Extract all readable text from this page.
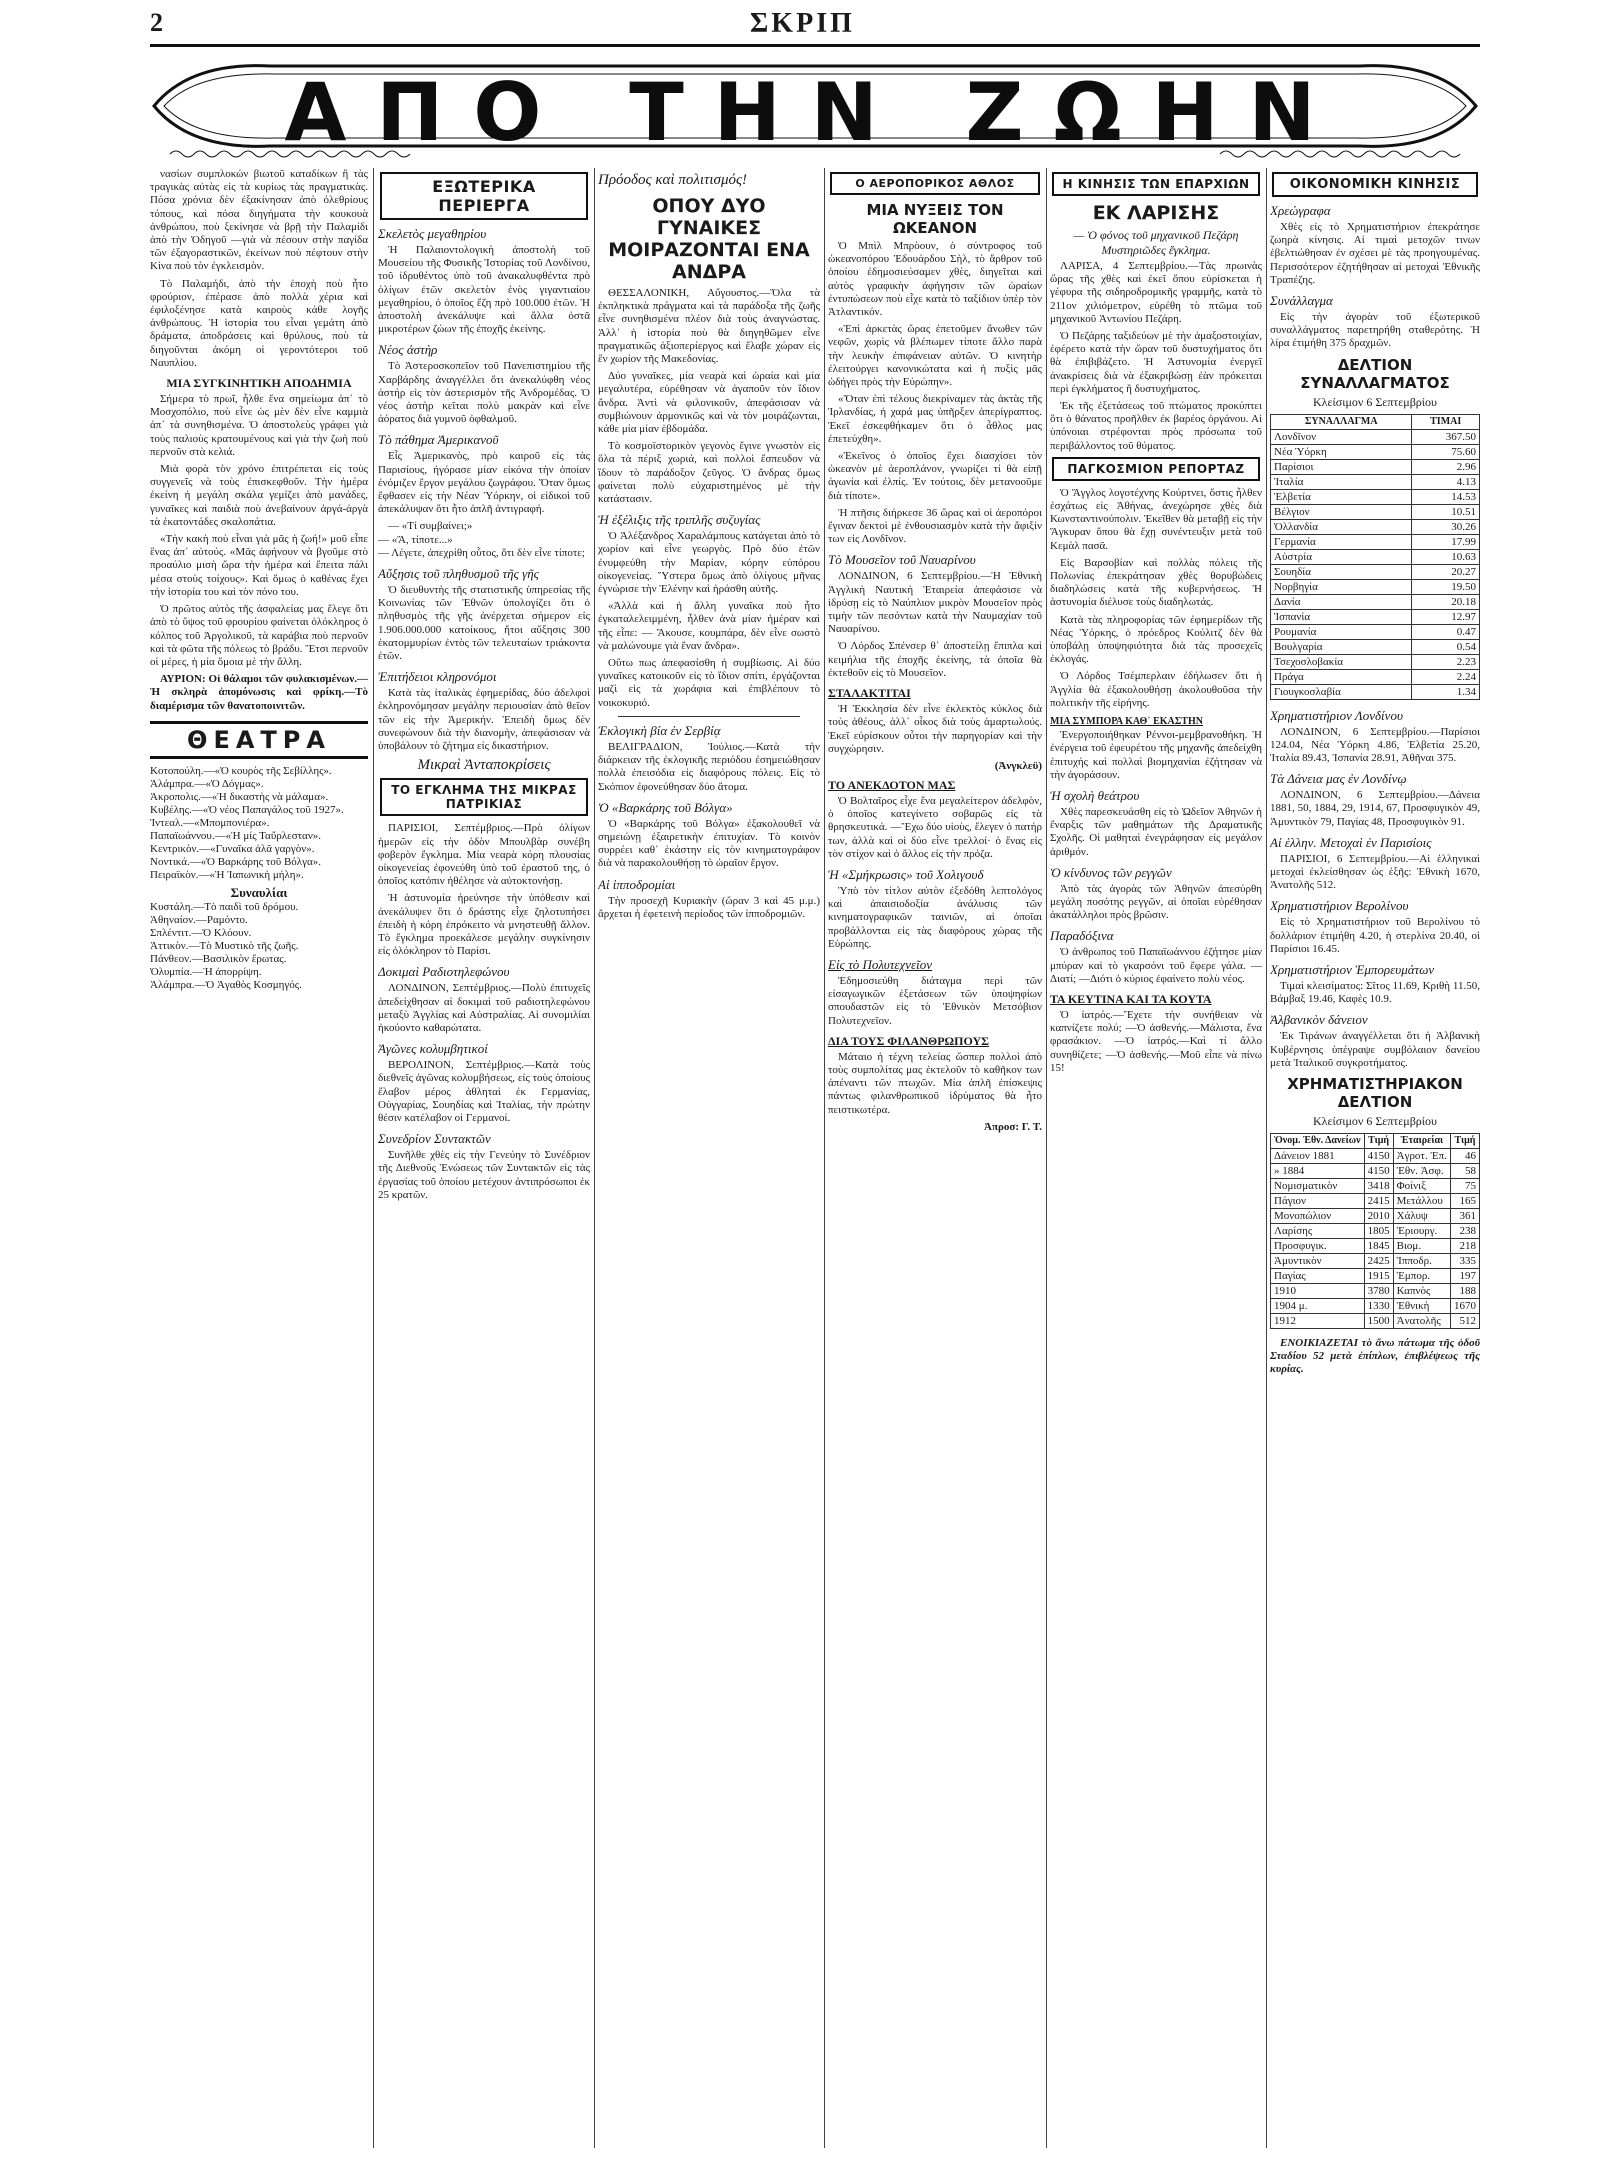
2	ΣΚΡΙΠ
ΑΠΟ ΤΗΝ ΖΩΗΝ

νασίων συμπλοκών βιωτοῦ καταδίκων ἢ τὰς τραγικὰς αὐτὰς εἰς τὰ κυρίως τὰς πραγματικὰς. Πόσα χρόνια δὲν ἐξακίνησαν ἀπὸ ὀλεθρίους τόπους, καὶ πόσα διηγήματα τὴν κουκουὰ ἀνθρώπου, ποὺ ξεκίνησε νὰ βρῇ τὴν Παλαμίδι ἀπὸ τὴν Ὀδηγοῦ —γιὰ νὰ πέσουν στὴν παγίδα τῶν ἐξαγοραστικῶν, ἐκείνων ποὺ πέφτουν στὴν Κίνα ποὺ τὸν ἐγκλεισμὸν.

Τὸ Παλαμήδι, ἀπὸ τὴν ἐποχὴ ποὺ ἦτο φρούριον, ἐπέρασε ἀπὸ πολλὰ χέρια καὶ ἐφιλοξένησε κατὰ καιροὺς κάθε λογῆς ἀνθρώπους. Ἡ ἱστορία του εἶναι γεμάτη ἀπὸ δράματα, ἀποδράσεις καὶ θρύλους, ποὺ τὰ διηγοῦνται ἀκόμη οἱ γεροντότεροι τοῦ Ναυπλίου.

ΜΙΑ ΣΥΓΚΙΝΗΤΙΚΗ ΑΠΟΔΗΜΙΑ

Σήμερα τὸ πρωΐ, ἦλθε ἕνα σημείωμα ἀπ᾽ τὸ Μοσχοπόλιο, ποὺ εἶνε ὡς μὲν δὲν εἶνε καμμιὰ ἀπ᾽ τὰ συνηθισμένα. Ὁ ἀποστολεὺς γράφει γιὰ τοὺς παλιοὺς κρατουμένους καὶ γιὰ τὴν ζωὴ ποὺ περνοῦν στὰ κελιά.

Μιὰ φορὰ τὸν χρόνο ἐπιτρέπεται εἰς τοὺς συγγενεῖς νὰ τοὺς ἐπισκεφθοῦν. Τὴν ἡμέρα ἐκείνη ἡ μεγάλη σκάλα γεμίζει ἀπὸ μανάδες, γυναῖκες καὶ παιδιὰ ποὺ ἀνεβαίνουν ἀργά-ἀργὰ τὰ ἑκατοντάδες σκαλοπάτια.

«Τὴν κακὴ ποὺ εἶναι γιὰ μᾶς ἡ ζωή!» μοῦ εἶπε ἕνας ἀπ᾽ αὐτούς. «Μᾶς ἀφήνουν νὰ βγοῦμε στὸ προαύλιο μισὴ ὥρα τὴν ἡμέρα καὶ ἔπειτα πάλι μέσα στοὺς τοίχους». Καὶ ὅμως ὁ καθένας ἔχει τὴν ἱστορία του καὶ τὸν πόνο του.

Ὁ πρῶτος αὐτὸς τῆς ἀσφαλείας μας ἔλεγε ὅτι ἀπὸ τὸ ὕψος τοῦ φρουρίου φαίνεται ὁλόκληρος ὁ κόλπος τοῦ Ἀργολικοῦ, τὰ καράβια ποὺ περνοῦν καὶ τὰ φῶτα τῆς πόλεως τὸ βράδυ. Ἔτσι περνοῦν οἱ μέρες, ἡ μία ὅμοια μὲ τὴν ἄλλη.

ΑΥΡΙΟΝ: Οἱ θάλαμοι τῶν φυλακισμένων.—Ἡ σκληρὰ ἀπομόνωσις καὶ φρίκη.—Τὸ διαμέρισμα τῶν θανατοποινιτῶν.

ΘΕΑΤΡΑ
Κοτοπούλη.—«Ὁ κουρὸς τῆς Σεβίλλης».
Ἀλάμπρα.—«Ὁ Δόγμας».
Ἀκροπολις.—«Ἡ δικαστὴς νὰ μάλαμα».
Κυβέλης.—«Ὁ νέος Παπαγάλος τοῦ 1927».
Ἰντεαλ.—«Μπομπονιέρα».
Παπαϊωάννου.—«Ἡ μίς Ταὔρλεσταν».
Κεντρικὸν.—«Γυναῖκα ἀλᾶ γαργὸν».
Νοντικά.—«Ὁ Βαρκάρης τοῦ Βόλγα».
Πειραϊκὸν.—«Ἡ Ἰαπωνικὴ μήλη».
Συναυλίαι
Κυστάλη.—Τὸ παιδὶ τοῦ δρόμου.
Ἀθηναίον.—Ραμόντο.
Σπλέντιτ.—Ὁ Κλόουν.
Ἀττικὸν.—Τὸ Μυστικὸ τῆς ζωῆς.
Πάνθεον.—Βασιλικὸν ἔρωτας.
Ὀλυμπία.—Ἡ ἀπορρίψη.
Ἀλάμπρα.—Ὁ Ἀγαθὸς Κοσμηγός.
ΕΞΩΤΕΡΙΚΑ ΠΕΡΙΕΡΓΑ
Σκελετὸς μεγαθηρίου

Ἡ Παλαιοντολογικὴ ἀποστολὴ τοῦ Μουσείου τῆς Φυσικῆς Ἱστορίας τοῦ Λονδίνου, τοῦ ἰδρυθέντος ὑπὸ τοῦ ἀνακαλυφθέντα πρὸ ὀλίγων ἐτῶν σκελετὸν ἑνὸς γιγαντιαίου μεγαθηρίου, ὁ ὁποῖος ἔζη πρὸ 100.000 ἐτῶν. Ἡ ἀποστολὴ ἀνεκάλυψε καὶ ἄλλα ὀστᾶ μικροτέρων ζώων τῆς ἐποχῆς ἐκείνης.

Νέος ἀστὴρ

Τὸ Ἀστεροσκοπεῖον τοῦ Πανεπιστημίου τῆς Χαρβάρδης ἀναγγέλλει ὅτι ἀνεκαλύφθη νέος ἀστήρ εἰς τὸν ἀστερισμὸν τῆς Ἀνδρομέδας. Ὁ νέος ἀστὴρ κεῖται πολὺ μακρὰν καὶ εἶνε ἀόρατος διὰ γυμνοῦ ὀφθαλμοῦ.

Τὸ πάθημα Ἀμερικανοῦ

Εἷς Ἀμερικανὸς, πρὸ καιροῦ εἰς τὰς Παρισίους, ἠγόρασε μίαν εἰκόνα τὴν ὁποίαν ἐνόμιζεν ἔργον μεγάλου ζωγράφου. Ὅταν ὅμως ἔφθασεν εἰς τὴν Νέαν Ὑόρκην, οἱ εἰδικοὶ τοῦ ἀπεκάλυψαν ὅτι ἦτο ἀπλῆ ἀντιγραφή.

— «Τί συμβαίνει;»
— «Ἄ, τίποτε...»
— Λέγετε, ἀπεχρίθη οὗτος, ὅτι δὲν εἶνε τίποτε;

Αὔξησις τοῦ πληθυσμοῦ τῆς γῆς

Ὁ διευθυντὴς τῆς στατιστικῆς ὑπηρεσίας τῆς Κοινωνίας τῶν Ἐθνῶν ὑπολογίζει ὅτι ὁ πληθυσμὸς τῆς γῆς ἀνέρχεται σήμερον εἰς 1.906.000.000 κατοίκους, ἤτοι αὔξησις 300 ἑκατομμυρίων ἐντὸς τῶν τελευταίων τριάκοντα ἐτῶν.

Ἐπιτήδειοι κληρονόμοι

Κατὰ τὰς ἰταλικὰς ἐφημερίδας, δύο ἀδελφοὶ ἐκληρονόμησαν μεγάλην περιουσίαν ἀπὸ θεῖον τῶν εἰς τὴν Ἀμερικήν. Ἐπειδὴ ὅμως δὲν συνεφώνουν διὰ τὴν διανομὴν, ἀπεφάσισαν νὰ ὑποβάλουν τὸ ζήτημα εἰς δικαστήριον.

Μικραὶ Ἀνταποκρίσεις
ΤΟ ΕΓΚΛΗΜΑ ΤΗΣ ΜΙΚΡΑΣ ΠΑΤΡΙΚΙΑΣ

ΠΑΡΙΣΙΟΙ, Σεπτέμβριος.—Πρὸ ὀλίγων ἡμερῶν εἰς τὴν ὁδὸν Μπουλβὰρ συνέβη φοβερὸν ἔγκλημα. Μία νεαρὰ κόρη πλουσίας οἰκογενείας ἐφονεύθη ὑπὸ τοῦ ἐραστοῦ της, ὁ ὁποῖος κατόπιν ἠθέλησε νὰ αὐτοκτονήσῃ.

Ἡ ἀστυνομία ἠρεύνησε τὴν ὑπόθεσιν καὶ ἀνεκάλυψεν ὅτι ὁ δράστης εἶχε ζηλοτυπήσει ἐπειδὴ ἡ κόρη ἐπρόκειτο νὰ μνηστευθῇ ἄλλον. Τὸ ἔγκλημα προεκάλεσε μεγάλην συγκίνησιν εἰς ὁλόκληρον τὸ Παρίσι.

Δοκιμαὶ Ραδιοτηλεφώνου

ΛΟΝΔΙΝΟΝ, Σεπτέμβριος.—Πολὺ ἐπιτυχεῖς ἀπεδείχθησαν αἱ δοκιμαὶ τοῦ ραδιοτηλεφώνου μεταξὺ Ἀγγλίας καὶ Αὐστραλίας. Αἱ συνομιλίαι ἠκούοντο καθαρώτατα.

Ἀγῶνες κολυμβητικοί

ΒΕΡΟΛΙΝΟΝ, Σεπτέμβριος.—Κατὰ τοὺς διεθνεῖς ἀγῶνας κολυμβήσεως, εἰς τοὺς ὁποίους ἔλαβον μέρος ἀθληταὶ ἐκ Γερμανίας, Οὐγγαρίας, Σουηδίας καὶ Ἰταλίας, τὴν πρώτην θέσιν κατέλαβον οἱ Γερμανοί.

Συνεδρίον Συντακτῶν

Συνῆλθε χθὲς εἰς τὴν Γενεύην τὸ Συνέδριον τῆς Διεθνοῦς Ἑνώσεως τῶν Συντακτῶν εἰς τὰς ἐργασίας τοῦ ὁποίου μετέχουν ἀντιπρόσωποι ἐκ 25 κρατῶν.

Πρόοδος καὶ πολιτισμός!
ΟΠΟΥ ΔΥΟ ΓΥΝΑΙΚΕΣ ΜΟΙΡΑΖΟΝΤΑΙ ΕΝΑ ΑΝΔΡΑ

ΘΕΣΣΑΛΟΝΙΚΗ, Αὔγουστος.—Ὅλα τὰ ἐκπληκτικὰ πράγματα καὶ τὰ παράδοξα τῆς ζωῆς εἶνε συνηθισμένα πλέον διὰ τοὺς ἀναγνώστας. Ἀλλ᾽ ἡ ἱστορία ποὺ θὰ διηγηθῶμεν εἶνε πραγματικῶς ἀξιοπερίεργος καὶ ἔλαβε χώραν εἰς ἕν χωρίον τῆς Μακεδονίας.

Δύο γυναῖκες, μία νεαρὰ καὶ ὡραία καὶ μία μεγαλυτέρα, εὑρέθησαν νὰ ἀγαποῦν τὸν ἴδιον ἄνδρα. Ἀντὶ νὰ φιλονικοῦν, ἀπεφάσισαν νὰ συμβιώνουν ἀρμονικῶς καὶ νὰ τὸν μοιράζωνται, κάθε μία μίαν ἑβδομάδα.

Τὸ κοσμοϊστορικὸν γεγονὸς ἔγινε γνωστὸν εἰς ὅλα τὰ πέριξ χωριά, καὶ πολλοὶ ἔσπευδον νὰ ἴδουν τὸ παράδοξον ζεῦγος. Ὁ ἄνδρας ὅμως φαίνεται πολὺ εὐχαριστημένος μὲ τὴν κατάστασιν.

Ἡ ἐξέλιξις τῆς τριπλῆς συζυγίας

Ὁ Ἀλέξανδρος Χαραλάμπους κατάγεται ἀπὸ τὸ χωρίον καὶ εἶνε γεωργὸς. Πρὸ δύο ἐτῶν ἐνυμφεύθη τὴν Μαρίαν, κόρην εὐπόρου οἰκογενείας. Ὕστερα ὅμως ἀπὸ ὀλίγους μῆνας ἐγνώρισε τὴν Ἑλένην καὶ ἠράσθη αὐτῆς.

«Ἀλλὰ καὶ ἡ ἄλλη γυναῖκα ποὺ ἦτο ἐγκαταλελειμμένη, ἦλθεν ἀνὰ μίαν ἡμέραν καὶ τῆς εἶπε: — Ἄκουσε, κουμπάρα, δὲν εἶνε σωστὸ νὰ μαλώνουμε γιὰ ἕναν ἄνδρα».

Οὕτω πως ἀπεφασίσθη ἡ συμβίωσις. Αἱ δύο γυναῖκες κατοικοῦν εἰς τὸ ἴδιον σπίτι, ἐργάζονται μαζὶ εἰς τὰ χωράφια καὶ ἐπιβλέπουν τὸ νοικοκυριό.

Ἐκλογικὴ βία ἐν Σερβίᾳ

ΒΕΛΙΓΡΑΔΙΟΝ, Ἰούλιος.—Κατὰ τὴν διάρκειαν τῆς ἐκλογικῆς περιόδου ἐσημειώθησαν πολλὰ ἐπεισόδια εἰς διαφόρους πόλεις. Εἰς τὸ Σκόπιον ἐφονεύθησαν δύο ἄτομα.

Ὁ «Βαρκάρης τοῦ Βόλγα»

Ὁ «Βαρκάρης τοῦ Βόλγα» ἐξακολουθεῖ νὰ σημειώνῃ ἐξαιρετικὴν ἐπιτυχίαν. Τὸ κοινὸν συρρέει καθ᾽ ἑκάστην εἰς τὸν κινηματογράφον διὰ νὰ παρακολουθήσῃ τὸ ὡραῖον ἔργον.

Αἱ ἱπποδρομίαι

Τὴν προσεχῆ Κυριακὴν (ὥραν 3 καὶ 45 μ.μ.) ἄρχεται ἡ ἐφετεινὴ περίοδος τῶν ἱπποδρομιῶν.

Ο ΑΕΡΟΠΟΡΙΚΟΣ ΑΘΛΟΣ
ΜΙΑ ΝΥΞΕΙΣ ΤΟΝ ΩΚΕΑΝΟΝ

Ὁ Μπὶλ Μπρὸουν, ὁ σύντροφος τοῦ ὠκεανοπόρου Ἐδουάρδου Σὴλ, τὸ ἄρθρον τοῦ ὁποίου ἐδημοσιεύσαμεν χθὲς, διηγεῖται καὶ αὐτὸς γραφικὴν ἀφήγησιν τῶν ὡραίων ἐντυπώσεων ποὺ εἶχε κατὰ τὸ ταξίδιον ὑπὲρ τὸν Ἀτλαντικόν.

«Ἐπὶ ἀρκετὰς ὥρας ἐπετοῦμεν ἄνωθεν τῶν νεφῶν, χωρὶς νὰ βλέπωμεν τίποτε ἄλλο παρὰ τὴν λευκὴν ἐπιφάνειαν αὐτῶν. Ὁ κινητὴρ ἐλειτούργει κανονικώτατα καὶ ἡ πυξὶς μᾶς ὡδήγει πρὸς τὴν Εὐρώπην».

«Ὅταν ἐπὶ τέλους διεκρίναμεν τὰς ἀκτὰς τῆς Ἰρλανδίας, ἡ χαρά μας ὑπῆρξεν ἀπερίγραπτος. Ἐκεῖ ἐσκεφθήκαμεν ὅτι ὁ ἆθλος μας ἐπετεύχθη».

«Ἐκεῖνος ὁ ὁποῖος ἔχει διασχίσει τὸν ὠκεανὸν μὲ ἀεροπλάνον, γνωρίζει τί θὰ εἰπῇ ἀγωνία καὶ ἐλπίς. Ἐν τούτοις, δὲν μετανοοῦμε διὰ τίποτε».

Ἡ πτῆσις διήρκεσε 36 ὥρας καὶ οἱ ἀεροπόροι ἔγιναν δεκτοὶ μὲ ἐνθουσιασμὸν κατὰ τὴν ἄφιξίν των εἰς Λονδῖνον.

Τὸ Μουσεῖον τοῦ Ναυαρίνου

ΛΟΝΔΙΝΟΝ, 6 Σεπτεμβρίου.—Ἡ Ἐθνικὴ Ἀγγλικὴ Ναυτικὴ Ἑταιρεία ἀπεφάσισε νὰ ἱδρύσῃ εἰς τὸ Ναύπλιον μικρὸν Μουσεῖον πρὸς τιμὴν τῶν πεσόντων κατὰ τὴν Ναυμαχίαν τοῦ Ναυαρίνου.

Ὁ Λόρδος Σπένσερ θ᾽ ἀποστείλῃ ἔπιπλα καὶ κειμήλια τῆς ἐποχῆς ἐκείνης, τὰ ὁποῖα θὰ ἐκτεθοῦν εἰς τὸ Μουσεῖον.

ΣΤΑΛΑΚΤΙΤΑΙ

Ἡ Ἐκκλησία δὲν εἶνε ἐκλεκτὸς κύκλος διὰ τοὺς ἀθέους, ἀλλ᾽ οἶκος διὰ τοὺς ἁμαρτωλούς. Ἐκεῖ εὑρίσκουν οὗτοι τὴν παρηγορίαν καὶ τὴν συγχώρησιν.

(Ἀνγκλεϋ)
ΤΟ ΑΝΕΚΔΟΤΟΝ ΜΑΣ

Ὁ Βολταῖρος εἶχε ἕνα μεγαλείτερον ἀδελφὸν, ὁ ὁποῖος κατεγίνετο σοβαρῶς εἰς τὰ θρησκευτικά. —Ἔχω δύο υἱοὺς, ἔλεγεν ὁ πατήρ των, ἀλλὰ καὶ οἱ δύο εἶνε τρελλοί· ὁ ἕνας εἰς τὸν στίχον καὶ ὁ ἄλλος εἰς τὴν πρόζα.

Ἡ «Σμήκρωσις» τοῦ Χολιγουδ

Ὑπὸ τὸν τίτλον αὐτὸν ἐξεδόθη λεπτολόγος καὶ ἀπαισιοδοξία ἀνάλυσις τῶν κινηματογραφικῶν ταινιῶν, αἱ ὁποῖαι προβάλλονται εἰς τὰς διαφόρους χώρας τῆς Εὐρώπης.

Εἰς τὸ Πολυτεχνεῖον

Ἐδημοσιεύθη διάταγμα περὶ τῶν εἰσαγωγικῶν ἐξετάσεων τῶν ὑποψηφίων σπουδαστῶν εἰς τὸ Ἐθνικὸν Μετσόβιον Πολυτεχνεῖον.

ΔΙΑ ΤΟΥΣ ΦΙΛΑΝΘΡΩΠΟΥΣ

Μάταιο ἡ τέχνη τελείας ὥσπερ πολλοὶ ἀπὸ τοὺς συμπολίτας μας ἐκτελοῦν τὸ καθῆκον των ἀπέναντι τῶν πτωχῶν. Μία ἁπλῆ ἐπίσκεψις πάντως φιλανθρωπικοῦ ἱδρύματος θὰ ἦτο πειστικωτέρα.

Ἀπροσ: Γ. Τ.
Η ΚΙΝΗΣΙΣ ΤΩΝ ΕΠΑΡΧΙΩΝ
ΕΚ ΛΑΡΙΣΗΣ
— Ὁ φόνος τοῦ μηχανικοῦ Πεζάρη Μυστηριῶδες ἔγκλημα.

ΛΑΡΙΣΑ, 4 Σεπτεμβρίου.—Τὰς πρωινὰς ὥρας τῆς χθὲς καὶ ἐκεῖ ὅπου εὑρίσκεται ἡ γέφυρα τῆς σιδηροδρομικῆς γραμμῆς, κατὰ τὸ 211ον χιλιόμετρον, εὑρέθη τὸ πτῶμα τοῦ μηχανικοῦ Ἀντωνίου Πεζάρη.

Ὁ Πεζάρης ταξιδεύων μὲ τὴν ἁμαξοστοιχίαν, ἐφέρετο κατὰ τὴν ὥραν τοῦ δυστυχήματος ὅτι θὰ ἐπιβιβάζετο. Ἡ Ἀστυνομία ἐνεργεῖ ἀνακρίσεις διὰ νὰ ἐξακριβώσῃ ἐὰν πρόκειται περὶ ἐγκλήματος ἢ δυστυχήματος.

Ἐκ τῆς ἐξετάσεως τοῦ πτώματος προκύπτει ὅτι ὁ θάνατος προῆλθεν ἐκ βαρέος ὀργάνου. Αἱ ὑπόνοιαι στρέφονται πρὸς πρόσωπα τοῦ περιβάλλοντος τοῦ θύματος.

ΠΑΓΚΟΣΜΙΟΝ ΡΕΠΟΡΤΑΖ

Ὁ Ἄγγλος λογοτέχνης Κούρτνει, ὅστις ἦλθεν ἐσχάτως εἰς Ἀθήνας, ἀνεχώρησε χθὲς διὰ Κωνσταντινούπολιν. Ἐκεῖθεν θὰ μεταβῇ εἰς τὴν Ἄγκυραν ὅπου θὰ ἔχῃ συνέντευξιν μετὰ τοῦ Κεμὰλ πασᾶ.

Εἰς Βαρσοβίαν καὶ πολλὰς πόλεις τῆς Πολωνίας ἐπεκράτησαν χθὲς θορυβώδεις διαδηλώσεις κατὰ τῆς κυβερνήσεως. Ἡ ἀστυνομία διέλυσε τοὺς διαδηλωτάς.

Κατὰ τὰς πληροφορίας τῶν ἐφημερίδων τῆς Νέας Ὑόρκης, ὁ πρόεδρος Κούλιτζ δὲν θὰ ὑποβάλῃ ὑποψηφιότητα διὰ τὰς προσεχεῖς ἐκλογάς.

Ὁ Λόρδος Τσέμπερλαιν ἐδήλωσεν ὅτι ἡ Ἀγγλία θὰ ἐξακολουθήσῃ ἀκολουθοῦσα τὴν πολιτικὴν τῆς εἰρήνης.

ΜΙΑ ΣΥΜΠΟΡΑ ΚΑΘ᾽ ΕΚΑΣΤΗΝ

Ἐνεργοποιήθηκαν Ρέννοι-μεμβρανοθήκη. Ἡ ἐνέργεια τοῦ ἐφευρέτου τῆς μηχανῆς ἀπεδείχθη ἐπιτυχής καὶ πολλαὶ βιομηχανίαι ἐζήτησαν νὰ τὴν ἀγοράσουν.

Ἡ σχολὴ θεάτρου

Χθὲς παρεσκευάσθη εἰς τὸ Ὠδεῖον Ἀθηνῶν ἡ ἔναρξις τῶν μαθημάτων τῆς Δραματικῆς Σχολῆς. Οἱ μαθηταὶ ἐνεγράφησαν εἰς μεγάλον ἀριθμόν.

Ὁ κίνδυνος τῶν ρεγγῶν

Ἀπὸ τὰς ἀγορὰς τῶν Ἀθηνῶν ἀπεσύρθη μεγάλη ποσότης ρεγγῶν, αἱ ὁποῖαι εὑρέθησαν ἀκατάλληλοι πρὸς βρῶσιν.

Παραδόξινα

Ὁ ἀνθρωπος τοῦ Παπαϊωάννου ἐζήτησε μίαν μπύραν καὶ τὸ γκαρσόνι τοῦ ἔφερε γάλα. —Διατί; —Διότι ὁ κύριος ἐφαίνετο πολὺ νέος.

ΤΑ ΚΕΥΤΙΝΑ ΚΑΙ ΤΑ ΚΟΥΤΑ

Ὁ ἰατρός.—Ἔχετε τὴν συνήθειαν νὰ καπνίζετε πολύ; —Ὁ ἀσθενής.—Μάλιστα, ἕνα φρασάκιον. —Ὁ ἰατρός.—Καὶ τί ἄλλο συνηθίζετε; —Ὁ ἀσθενής.—Μοῦ εἶπε νὰ πίνω 15!

ΟΙΚΟΝΟΜΙΚΗ ΚΙΝΗΣΙΣ
Χρεώγραφα

Χθὲς εἰς τὸ Χρηματιστήριον ἐπεκράτησε ζωηρὰ κίνησις. Αἱ τιμαὶ μετοχῶν τινων ἐβελτιώθησαν ἐν σχέσει μὲ τὰς προηγουμένας. Περισσότερον ἐζητήθησαν αἱ μετοχαὶ Ἐθνικῆς Τραπέζης.

Συνάλλαγμα

Εἰς τὴν ἀγορὰν τοῦ ἐξωτερικοῦ συναλλάγματος παρετηρήθη σταθερότης. Ἡ λίρα ἐτιμήθη 375 δραχμῶν.

ΔΕΛΤΙΟΝ ΣΥΝΑΛΛΑΓΜΑΤΟΣ
Κλείσιμον 6 Σεπτεμβρίου
ΣΥΝΑΛΛΑΓΜΑ	ΤΙΜΑΙ
Λονδῖνον	367.50
Νέα Ὑόρκη	75.60
Παρίσιοι	2.96
Ἰταλία	4.13
Ἑλβετία	14.53
Βέλγιον	10.51
Ὀλλανδία	30.26
Γερμανία	17.99
Αὐστρία	10.63
Σουηδία	20.27
Νορβηγία	19.50
Δανία	20.18
Ἰσπανία	12.97
Ρουμανία	0.47
Βουλγαρία	0.54
Τσεχοσλοβακία	2.23
Πράγα	2.24
Γιουγκοσλαβία	1.34
Χρηματιστήριον Λονδίνου

ΛΟΝΔΙΝΟΝ, 6 Σεπτεμβρίου.—Παρίσιοι 124.04, Νέα Ὑόρκη 4.86, Ἑλβετία 25.20, Ἰταλία 89.43, Ἰσπανία 28.91, Ἀθῆναι 375.

Τὰ Δάνεια μας ἐν Λονδίνῳ

ΛΟΝΔΙΝΟΝ, 6 Σεπτεμβρίου.—Δάνεια 1881, 50, 1884, 29, 1914, 67, Προσφυγικὸν 49, Ἀμυντικὸν 79, Παγίας 48, Προσφυγικὸν 91.

Αἱ ἑλλην. Μετοχαὶ ἐν Παρισίοις

ΠΑΡΙΣΙΟΙ, 6 Σεπτεμβρίου.—Αἱ ἑλληνικαὶ μετοχαὶ ἐκλείσθησαν ὡς ἑξῆς: Ἐθνικὴ 1670, Ἀνατολῆς 512.

Χρηματιστήριον Βερολίνου

Εἰς τὸ Χρηματιστήριον τοῦ Βερολίνου τὸ δολλάριον ἐτιμήθη 4.20, ἡ στερλίνα 20.40, οἱ Παρίσιοι 16.45.

Χρηματιστήριον Ἐμπορευμάτων

Τιμαὶ κλεισίματος: Σῖτος 11.69, Κριθὴ 11.50, Βάμβαξ 19.46, Καφὲς 10.9.

Ἀλβανικὸν δάνειον

Ἐκ Τιράνων ἀναγγέλλεται ὅτι ἡ Ἀλβανικὴ Κυβέρνησις ὑπέγραψε συμβόλαιον δανείου μετὰ Ἰταλικοῦ συγκροτήματος.

ΧΡΗΜΑΤΙΣΤΗΡΙΑΚΟΝ ΔΕΛΤΙΟΝ
Κλείσιμον 6 Σεπτεμβρίου
Ὀνομ. Ἐθν. Δανείων	Τιμή	Ἑταιρείαι	Τιμή
Δάνειον 1881	4150	Ἀγροτ. Ἐπ.	46
» 1884	4150	Ἐθν. Ἀσφ.	58
Νομισματικὸν	3418	Φοίνιξ	75
Πάγιον	2415	Μετάλλου	165
Μονοπώλιον	2010	Χάλυψ	361
Λαρίσης	1805	Ἐριουργ.	238
Προσφυγικ.	1845	Βιομ.	218
Ἀμυντικὸν	2425	Ἰπποδρ.	335
Παγίας	1915	Ἐμπορ.	197
1910	3780	Καπνὸς	188
1904 μ.	1330	Ἐθνικὴ	1670
1912	1500	Ἀνατολῆς	512

ΕΝΟΙΚΙΑΖΕΤΑΙ τὸ ἄνω πάτωμα τῆς ὁδοῦ Σταδίου 52 μετὰ ἐπίπλων, ἐπιβλέψεως τῆς κυρίας.
